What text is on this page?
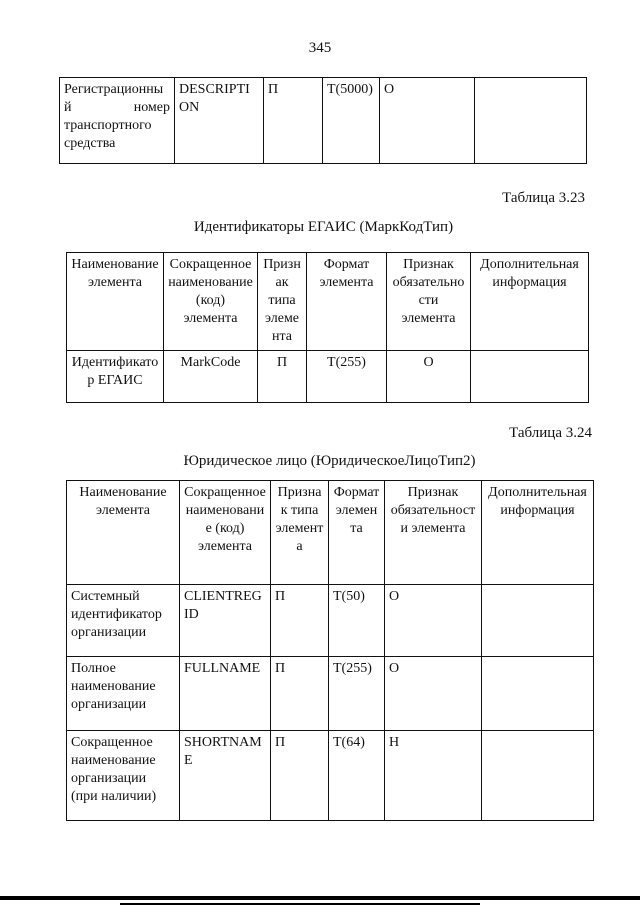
345
Регистрационный номер транспортного средства	DESCRIPTION	П	Т(5000)	О	
Таблица 3.23
Идентификаторы ЕГАИС (МаркКодТип)
Наименование элемента	Сокращенное наименование (код) элемента	Признак типа элемента	Формат элемента	Признак обязательности элемента	Дополнительная информация
Идентификатор ЕГАИС	MarkCode	П	Т(255)	О	
Таблица 3.24
Юридическое лицо (ЮридическоеЛицоТип2)
Наименование элемента	Сокращенное наименование (код) элемента	Признак типа элемента	Формат элемента	Признак обязательности элемента	Дополнительная информация
Системный идентификатор организации	CLIENTREGID	П	Т(50)	О	
Полное наименование организации	FULLNAME	П	Т(255)	О	
Сокращенное наименование организации (при наличии)	SHORTNAME	П	Т(64)	Н	
